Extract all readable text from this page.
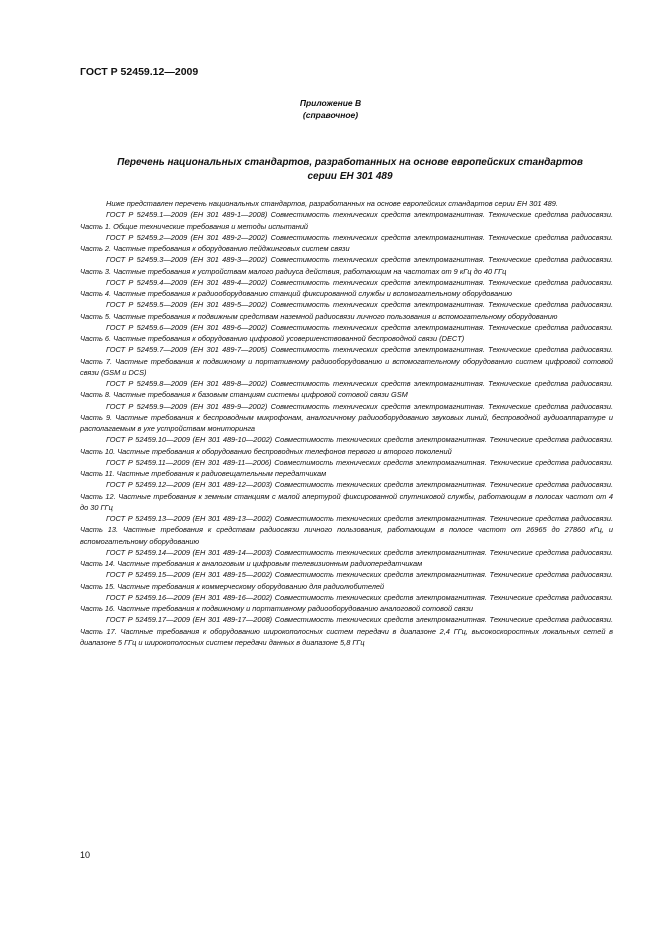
ГОСТ Р 52459.12—2009
Приложение В
(справочное)
Перечень национальных стандартов, разработанных на основе европейских стандартов
серии ЕН 301 489

Ниже представлен перечень национальных стандартов, разработанных на основе европейских стандартов серии ЕН 301 489.

ГОСТ Р 52459.1—2009 (ЕН 301 489-1—2008) Совместимость технических средств электромагнитная. Технические средства радиосвязи. Часть 1. Общие технические требования и методы испытаний

ГОСТ Р 52459.2—2009 (ЕН 301 489-2—2002) Совместимость технических средств электромагнитная. Технические средства радиосвязи. Часть 2. Частные требования к оборудованию пейджинговых систем связи

ГОСТ Р 52459.3—2009 (ЕН 301 489-3—2002) Совместимость технических средств электромагнитная. Технические средства радиосвязи. Часть 3. Частные требования к устройствам малого радиуса действия, работающим на частотах от 9 кГц до 40 ГГц

ГОСТ Р 52459.4—2009 (ЕН 301 489-4—2002) Совместимость технических средств электромагнитная. Технические средства радиосвязи. Часть 4. Частные требования к радиооборудованию станций фиксированной службы и вспомогательному оборудованию

ГОСТ Р 52459.5—2009 (ЕН 301 489-5—2002) Совместимость технических средств электромагнитная. Технические средства радиосвязи. Часть 5. Частные требования к подвижным средствам наземной радиосвязи личного пользования и вспомогательному оборудованию

ГОСТ Р 52459.6—2009 (ЕН 301 489-6—2002) Совместимость технических средств электромагнитная. Технические средства радиосвязи. Часть 6. Частные требования к оборудованию цифровой усовершенствованной беспроводной связи (DECT)

ГОСТ Р 52459.7—2009 (ЕН 301 489-7—2005) Совместимость технических средств электромагнитная. Технические средства радиосвязи. Часть 7. Частные требования к подвижному и портативному радиооборудованию и вспомогательному оборудованию систем цифровой сотовой связи (GSM и DCS)

ГОСТ Р 52459.8—2009 (ЕН 301 489-8—2002) Совместимость технических средств электромагнитная. Технические средства радиосвязи. Часть 8. Частные требования к базовым станциям системы цифровой сотовой связи GSM

ГОСТ Р 52459.9—2009 (ЕН 301 489-9—2002) Совместимость технических средств электромагнитная. Технические средства радиосвязи. Часть 9. Частные требования к беспроводным микрофонам, аналогичному радиооборудованию звуковых линий, беспроводной аудиоаппаратуре и располагаемым в ухе устройствам мониторинга

ГОСТ Р 52459.10—2009 (ЕН 301 489-10—2002) Совместимость технических средств электромагнитная. Технические средства радиосвязи. Часть 10. Частные требования к оборудованию беспроводных телефонов первого и второго поколений

ГОСТ Р 52459.11—2009 (ЕН 301 489-11—2006) Совместимость технических средств электромагнитная. Технические средства радиосвязи. Часть 11. Частные требования к радиовещательным передатчикам

ГОСТ Р 52459.12—2009 (ЕН 301 489-12—2003) Совместимость технических средств электромагнитная. Технические средства радиосвязи. Часть 12. Частные требования к земным станциям с малой апертурой фиксированной спутниковой службы, работающим в полосах частот от 4 до 30 ГГц

ГОСТ Р 52459.13—2009 (ЕН 301 489-13—2002) Совместимость технических средств электромагнитная. Технические средства радиосвязи. Часть 13. Частные требования к средствам радиосвязи личного пользования, работающим в полосе частот от 26965 до 27860 кГц, и вспомогательному оборудованию

ГОСТ Р 52459.14—2009 (ЕН 301 489-14—2003) Совместимость технических средств электромагнитная. Технические средства радиосвязи. Часть 14. Частные требования к аналоговым и цифровым телевизионным радиопередатчикам

ГОСТ Р 52459.15—2009 (ЕН 301 489-15—2002) Совместимость технических средств электромагнитная. Технические средства радиосвязи. Часть 15. Частные требования к коммерческому оборудованию для радиолюбителей

ГОСТ Р 52459.16—2009 (ЕН 301 489-16—2002) Совместимость технических средств электромагнитная. Технические средства радиосвязи. Часть 16. Частные требования к подвижному и портативному радиооборудованию аналоговой сотовой связи

ГОСТ Р 52459.17—2009 (ЕН 301 489-17—2008) Совместимость технических средств электромагнитная. Технические средства радиосвязи. Часть 17. Частные требования к оборудованию широкополосных систем передачи в диапазоне 2,4 ГГц, высокоскоростных локальных сетей в диапазоне 5 ГГц и широкополосных систем передачи данных в диапазоне 5,8 ГГц

10
